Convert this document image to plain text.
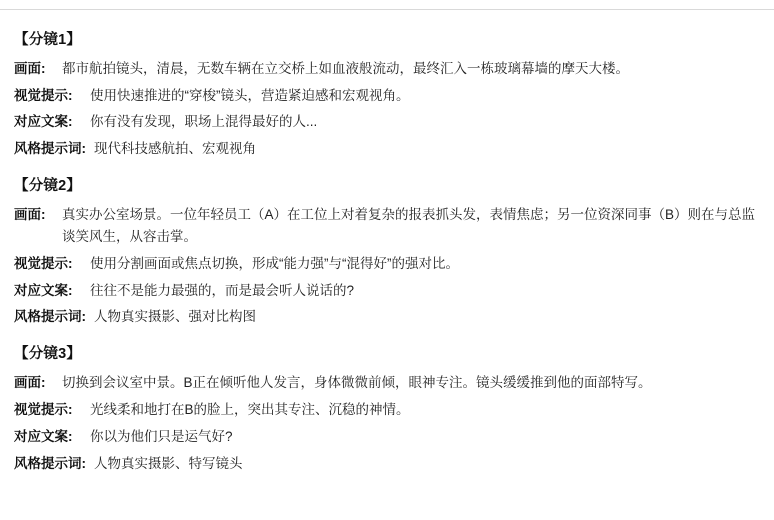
【分镜1】
画面:	都市航拍镜头，清晨，无数车辆在立交桥上如血液般流动，最终汇入一栋玻璃幕墙的摩天大楼。
视觉提示:	使用快速推进的“穿梭”镜头，营造紧迫感和宏观视角。
对应文案:	你有没有发现，职场上混得最好的人...
风格提示词: 现代科技感航拍、宏观视角
【分镜2】
画面:	真实办公室场景。一位年轻员工（A）在工位上对着复杂的报表抓头发，表情焦虑；另一位资深同事（B）则在与总监谈笑风生，从容击掌。
视觉提示:	使用分割画面或焦点切换，形成“能力强”与“混得好”的强对比。
对应文案:	往往不是能力最强的，而是最会听人说话的?
风格提示词: 人物真实摄影、强对比构图
【分镜3】
画面:	切换到会议室中景。B正在倾听他人发言，身体微微前倾，眼神专注。镜头缓缓推到他的面部特写。
视觉提示:	光线柔和地打在B的脸上，突出其专注、沉稳的神情。
对应文案:	你以为他们只是运气好?
风格提示词: 人物真实摄影、特写镜头
